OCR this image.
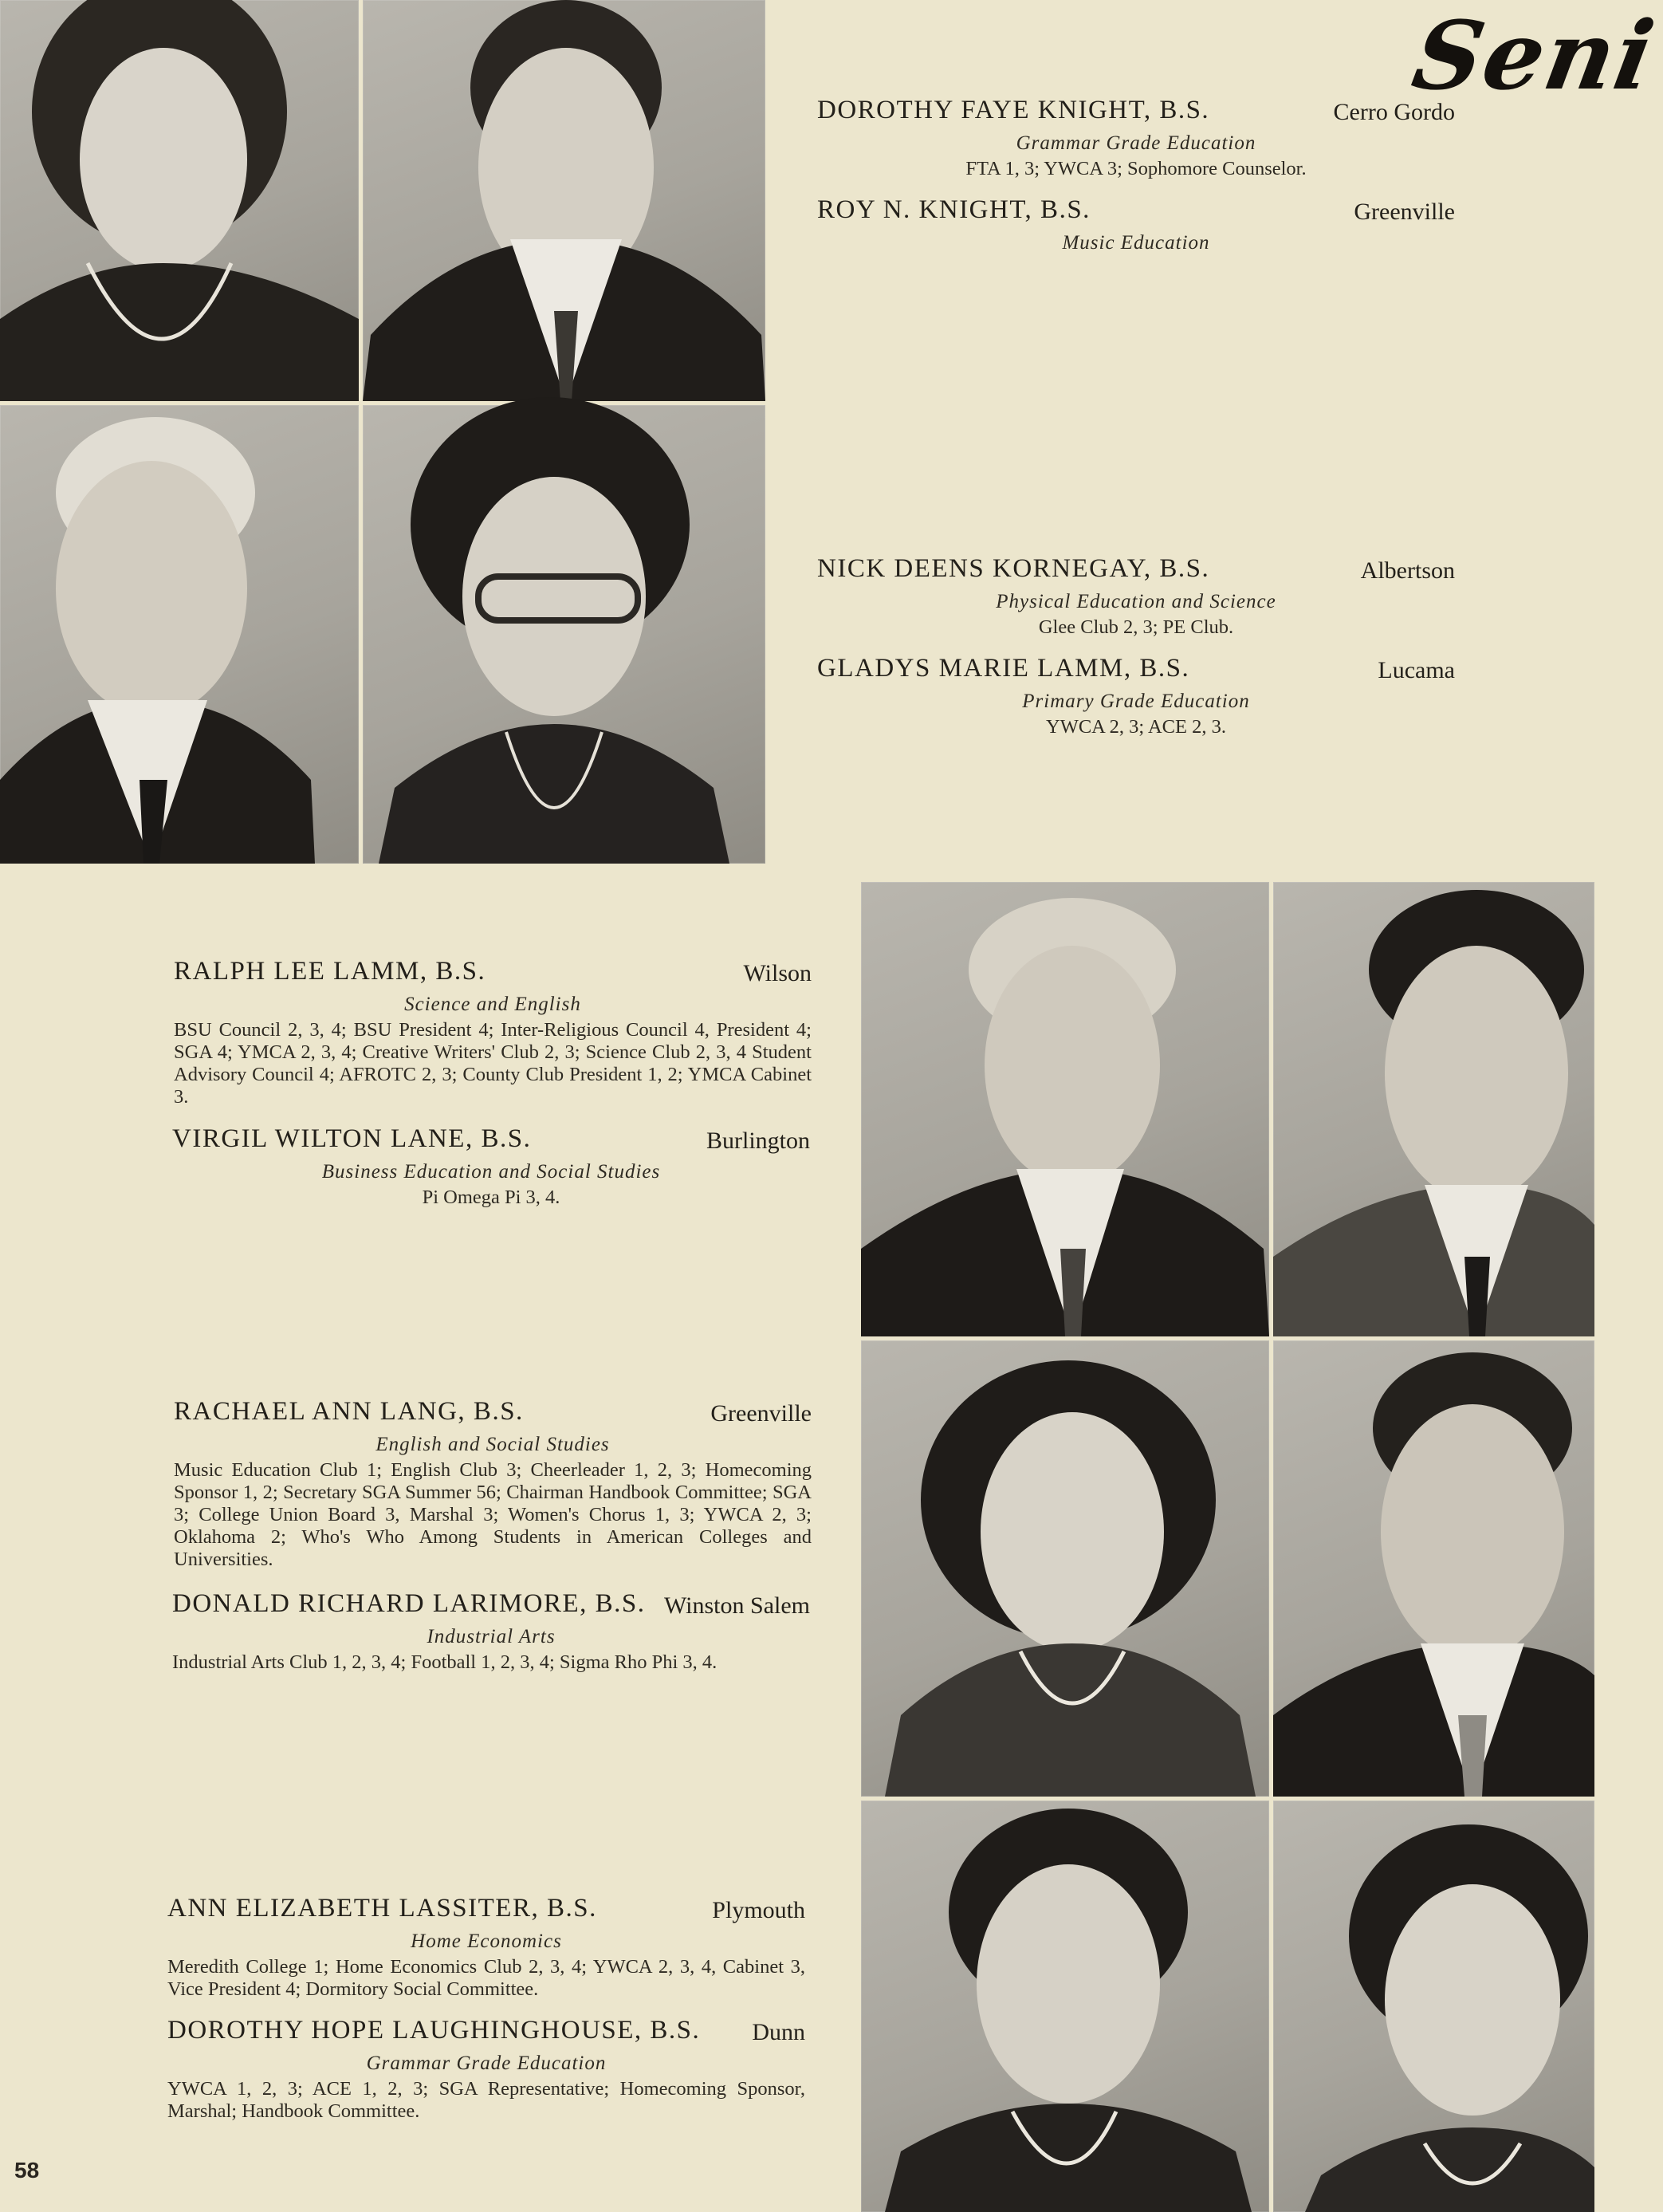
Seni
DOROTHY FAYE KNIGHT, B.S.	Cerro Gordo
Grammar Grade Education
FTA 1, 3; YWCA 3; Sophomore Counselor.
ROY N. KNIGHT, B.S.	Greenville
Music Education
NICK DEENS KORNEGAY, B.S.	Albertson
Physical Education and Science
Glee Club 2, 3; PE Club.
GLADYS MARIE LAMM, B.S.	Lucama
Primary Grade Education
YWCA 2, 3; ACE 2, 3.
RALPH LEE LAMM, B.S.	Wilson
Science and English
BSU Council 2, 3, 4; BSU President 4; Inter-Religious Council 4, President 4; SGA 4; YMCA 2, 3, 4; Creative Writers' Club 2, 3; Science Club 2, 3, 4 Student Advisory Council 4; AFROTC 2, 3; County Club President 1, 2; YMCA Cabinet 3.
VIRGIL WILTON LANE, B.S.	Burlington
Business Education and Social Studies
Pi Omega Pi 3, 4.
RACHAEL ANN LANG, B.S.	Greenville
English and Social Studies
Music Education Club 1; English Club 3; Cheerleader 1, 2, 3; Homecoming Sponsor 1, 2; Secretary SGA Summer 56; Chairman Handbook Committee; SGA 3; College Union Board 3, Marshal 3; Women's Chorus 1, 3; YWCA 2, 3; Oklahoma 2; Who's Who Among Students in American Colleges and Universities.
DONALD RICHARD LARIMORE, B.S. Winston Salem
Industrial Arts
Industrial Arts Club 1, 2, 3, 4; Football 1, 2, 3, 4; Sigma Rho Phi 3, 4.
ANN ELIZABETH LASSITER, B.S.	Plymouth
Home Economics
Meredith College 1; Home Economics Club 2, 3, 4; YWCA 2, 3, 4, Cabinet 3, Vice President 4; Dormitory Social Committee.
DOROTHY HOPE LAUGHINGHOUSE, B.S. Dunn
Grammar Grade Education
YWCA 1, 2, 3; ACE 1, 2, 3; SGA Representative; Homecoming Sponsor, Marshal; Handbook Committee.
58
